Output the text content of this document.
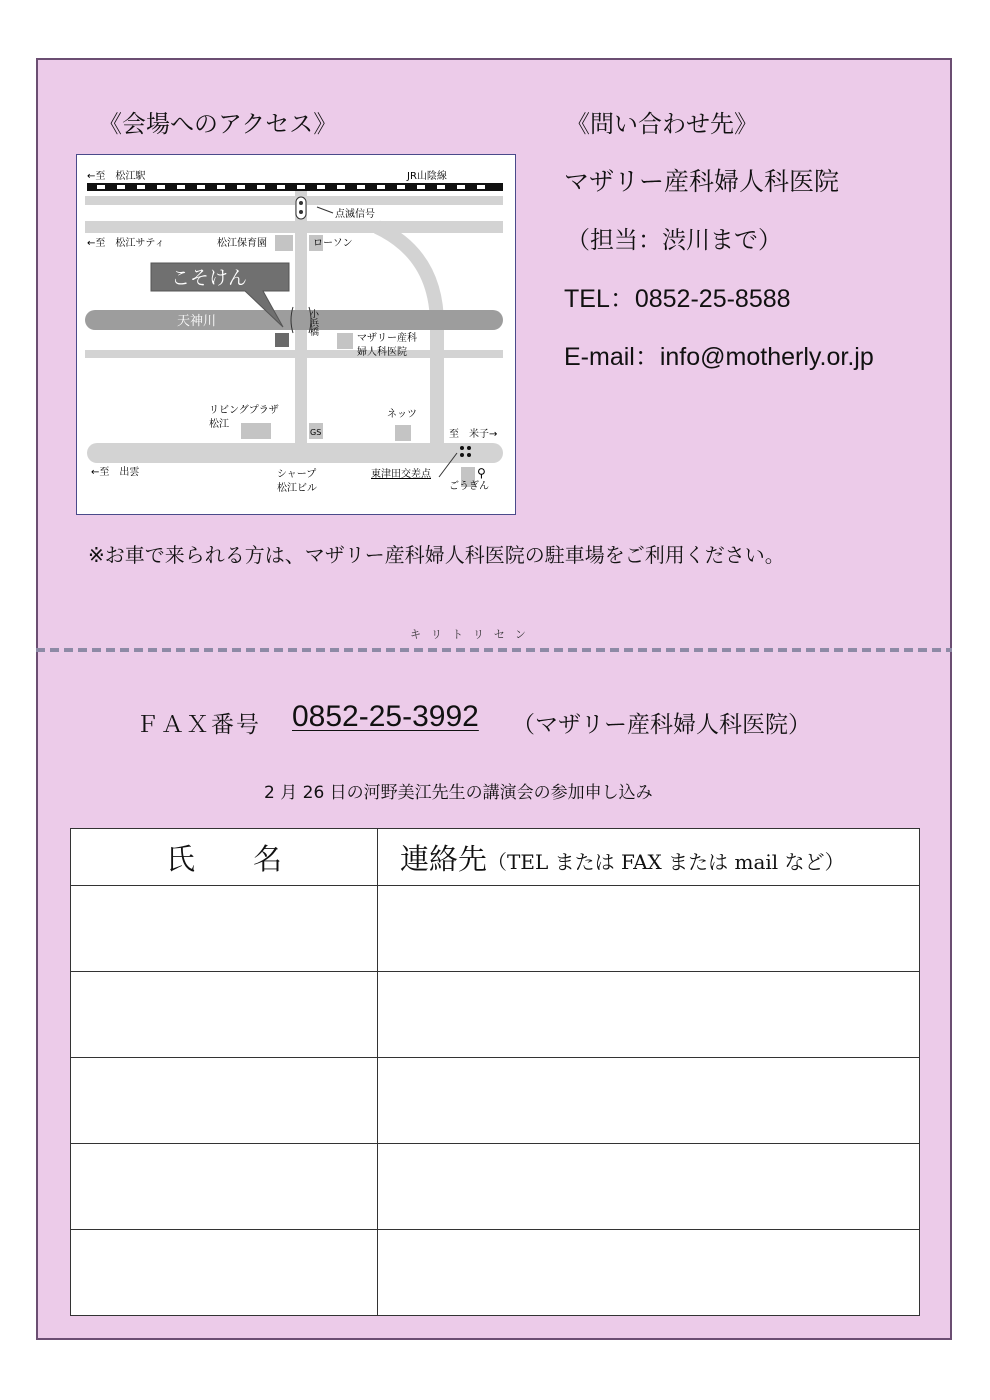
《会場へのアクセス》	《問い合わせ先》
マザリー産科婦人科医院
（担当：渋川まで）
TEL：0852-25-8588
E-mail：info@motherly.or.jp
←至　松江駅	JR山陰線
天神川
点滅信号
←至　松江サティ	松江保育園	ローソン
こそけん
小浜橋
マザリー産科
婦人科医院
リビングプラザ
松江
GS
ネッツ
至　米子→
←至　出雲	シャープ
松江ビル
東津田交差点
ごうぎん
⚲
※お車で来られる方は、マザリー産科婦人科医院の駐車場をご利用ください。
キリトリセン
ＦＡＸ番号 0852-25-3992 （マザリー産科婦人科医院）
2 月 26 日の河野美江先生の講演会の参加申し込み
氏　　名	連絡先（TEL または FAX または mail など）
